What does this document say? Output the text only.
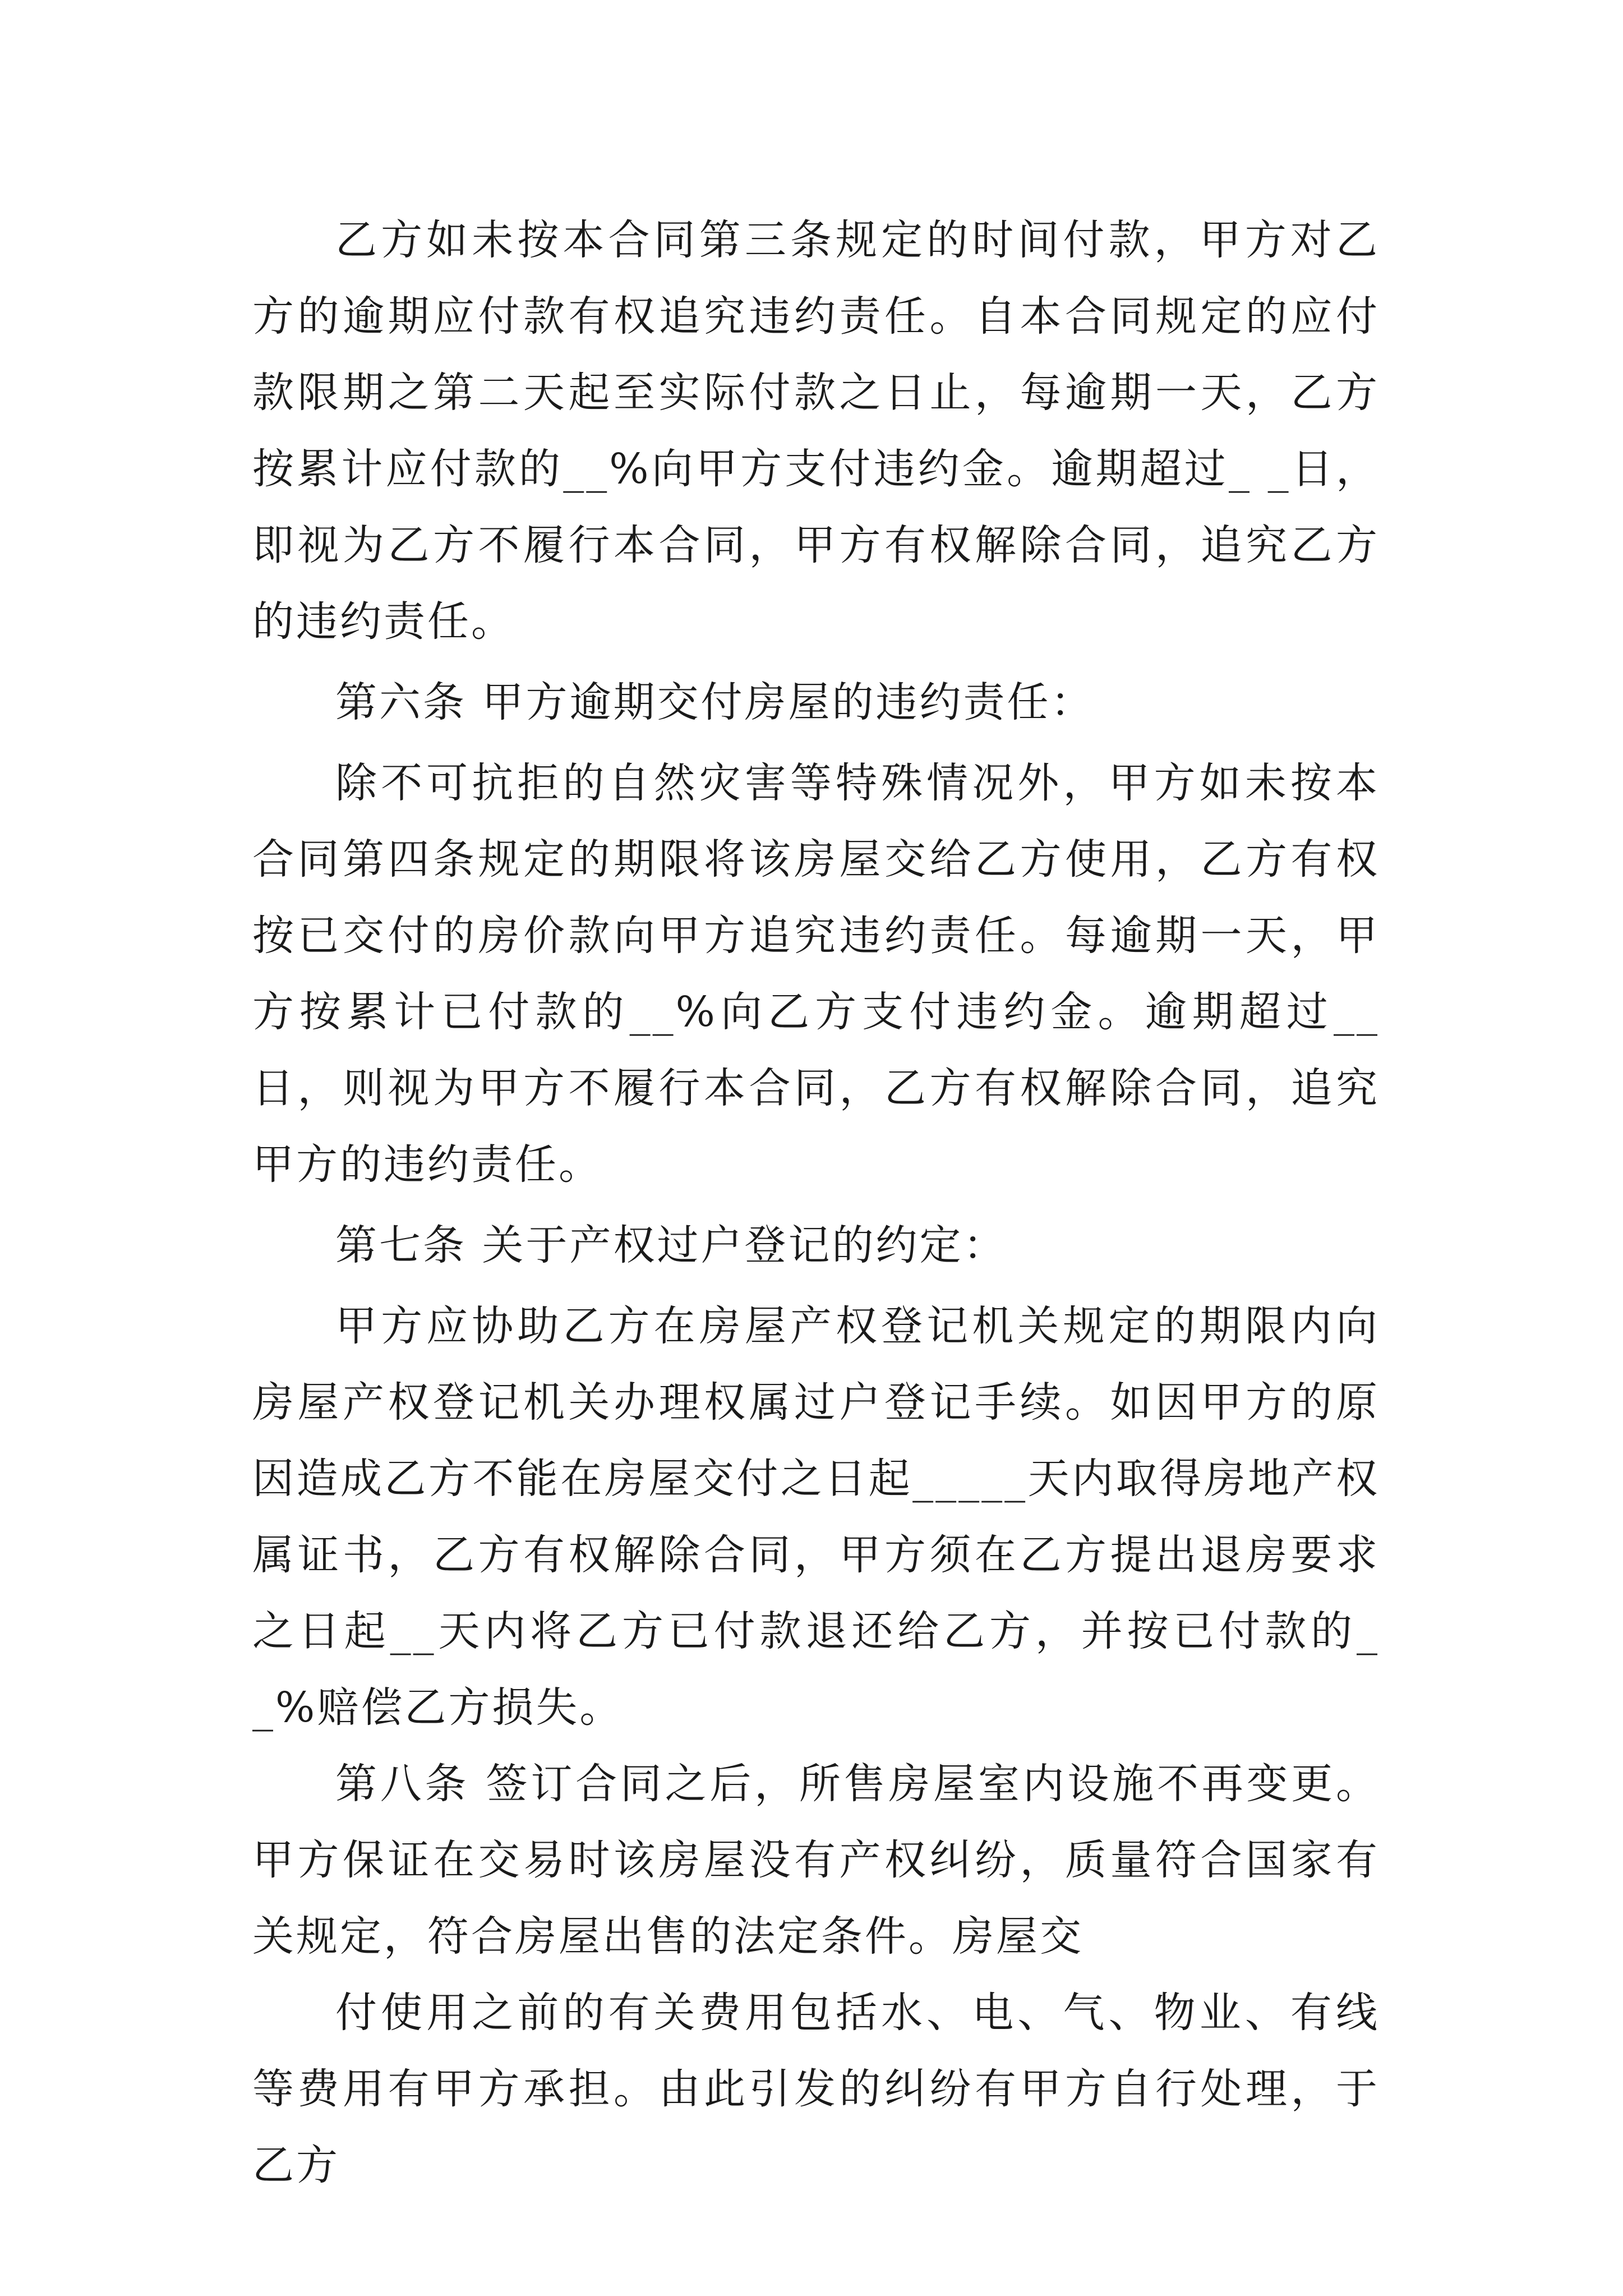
乙方如未按本合同第三条规定的时间付款，甲方对乙方的逾期应付款有权追究违约责任。自本合同规定的应付款限期之第二天起至实际付款之日止，每逾期一天，乙方按累计应付款的__%向甲方支付违约金。逾期超过_ _日，即视为乙方不履行本合同，甲方有权解除合同，追究乙方的违约责任。

第六条 甲方逾期交付房屋的违约责任：

除不可抗拒的自然灾害等特殊情况外，甲方如未按本合同第四条规定的期限将该房屋交给乙方使用，乙方有权按已交付的房价款向甲方追究违约责任。每逾期一天，甲方按累计已付款的__%向乙方支付违约金。逾期超过__日，则视为甲方不履行本合同，乙方有权解除合同，追究甲方的违约责任。

第七条 关于产权过户登记的约定：

甲方应协助乙方在房屋产权登记机关规定的期限内向房屋产权登记机关办理权属过户登记手续。如因甲方的原因造成乙方不能在房屋交付之日起_____天内取得房地产权属证书，乙方有权解除合同，甲方须在乙方提出退房要求之日起__天内将乙方已付款退还给乙方，并按已付款的__%赔偿乙方损失。

第八条 签订合同之后，所售房屋室内设施不再变更。甲方保证在交易时该房屋没有产权纠纷，质量符合国家有关规定，符合房屋出售的法定条件。房屋交

付使用之前的有关费用包括水、电、气、物业、有线等费用有甲方承担。由此引发的纠纷有甲方自行处理，于乙方
